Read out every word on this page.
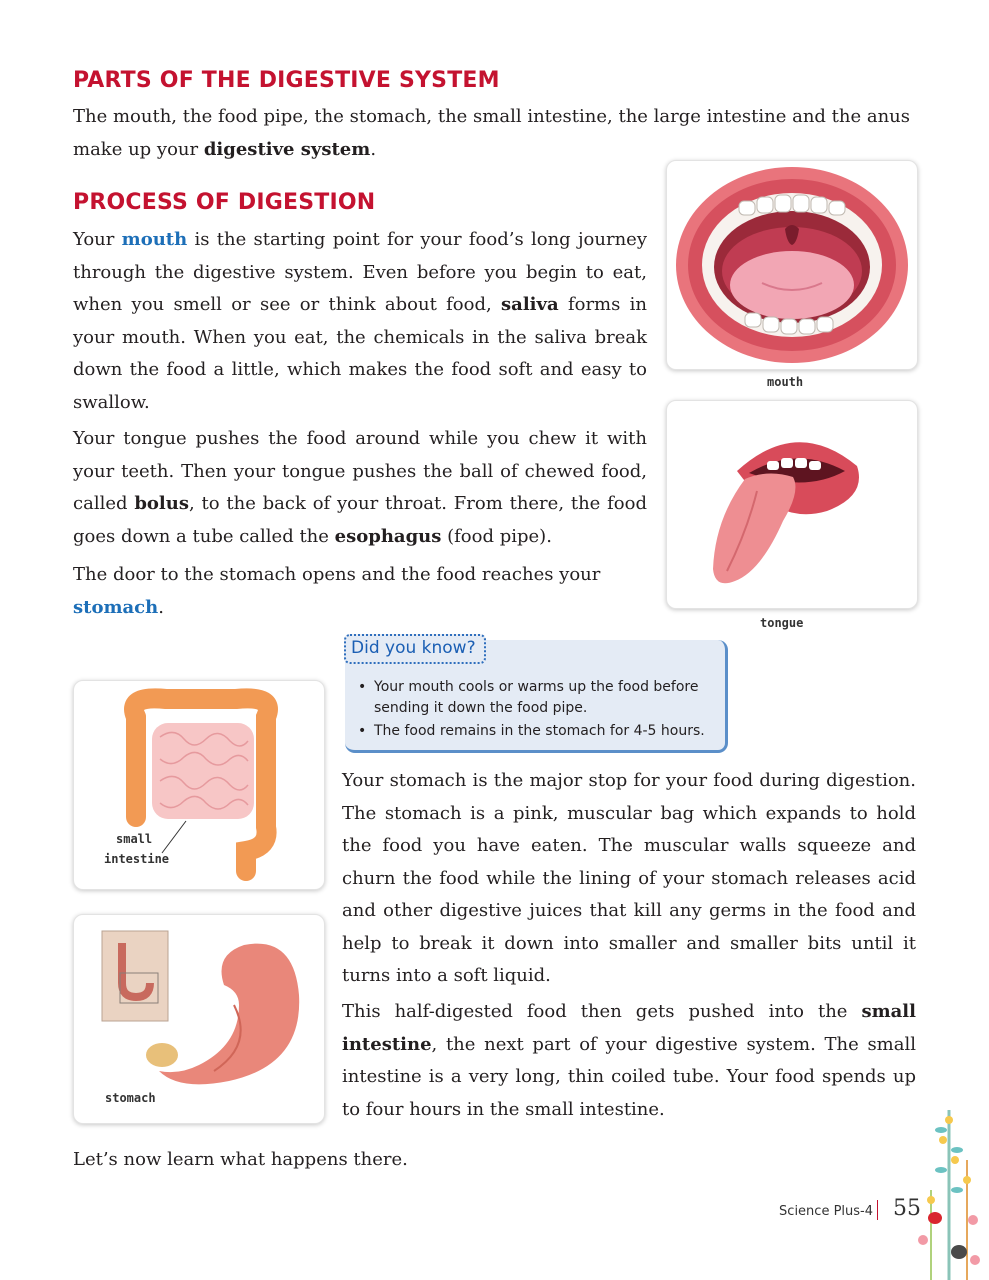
PARTS OF THE DIGESTIVE SYSTEM

The mouth, the food pipe, the stomach, the small intestine, the large intestine and the anus make up your digestive system.

PROCESS OF DIGESTION

Your mouth is the starting point for your food’s long journey through the digestive system. Even before you begin to eat, when you smell or see or think about food, saliva forms in your mouth. When you eat, the chemicals in the saliva break down the food a little, which makes the food soft and easy to swallow.

Your tongue pushes the food around while you chew it with your teeth. Then your tongue pushes the ball of chewed food, called bolus, to the back of your throat. From there, the food goes down a tube called the esophagus (food pipe).

The door to the stomach opens and the food reaches your stomach.

mouth
tongue
Did you know?
• Your mouth cools or warms up the food before sending it down the food pipe.
• The food remains in the stomach for 4-5 hours.
small
intestine
stomach

Your stomach is the major stop for your food during digestion. The stomach is a pink, muscular bag which expands to hold the food you have eaten. The muscular walls squeeze and churn the food while the lining of your stomach releases acid and other digestive juices that kill any germs in the food and help to break it down into smaller and smaller bits until it turns into a soft liquid.

This half-digested food then gets pushed into the small intestine, the next part of your digestive system. The small intestine is a very long, thin coiled tube. Your food spends up to four hours in the small intestine.

Let’s now learn what happens there.

Science Plus-4 55
